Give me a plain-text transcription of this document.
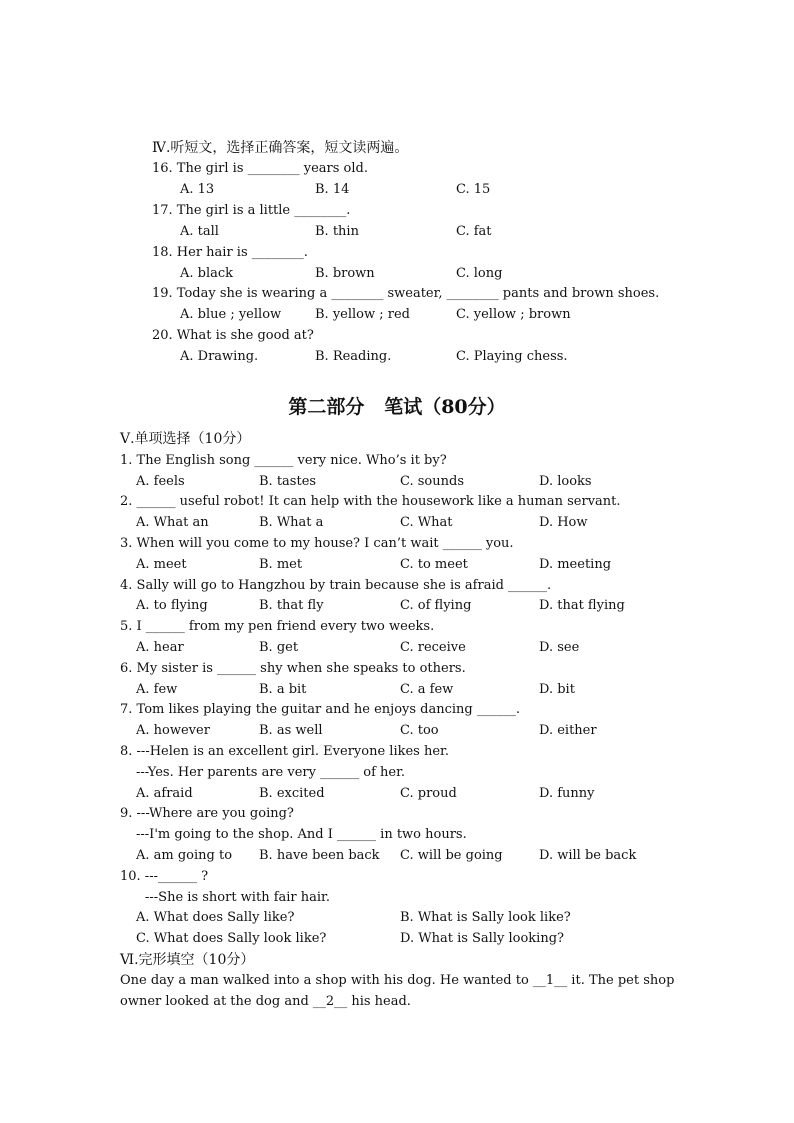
Ⅳ.听短文，选择正确答案，短文读两遍。
16. The girl is ________ years old.
A. 13	B. 14	C. 15
17. The girl is a little ________.
A. tall	B. thin	C. fat
18. Her hair is ________.
A. black	B. brown	C. long
19. Today she is wearing a ________ sweater, ________ pants and brown shoes.
A. blue ; yellow	B. yellow ; red	C. yellow ; brown
20. What is she good at?
A. Drawing.	B. Reading.	C. Playing chess.
第二部分   笔试（80分）
Ⅴ.单项选择（10分）
1. The English song ______ very nice. Who’s it by?
A. feels	B. tastes	C. sounds	D. looks
2. ______ useful robot! It can help with the housework like a human servant.
A. What an	B. What a	C. What	D. How
3. When will you come to my house? I can’t wait ______ you.
A. meet	B. met	C. to meet	D. meeting
4. Sally will go to Hangzhou by train because she is afraid ______.
A. to flying	B. that fly	C. of flying	D. that flying
5. I ______ from my pen friend every two weeks.
A. hear	B. get	C. receive	D. see
6. My sister is ______ shy when she speaks to others.
A. few	B. a bit	C. a few	D. bit
7. Tom likes playing the guitar and he enjoys dancing ______.
A. however	B. as well	C. too	D. either
8. ---Helen is an excellent girl. Everyone likes her.
---Yes. Her parents are very ______ of her.
A. afraid	B. excited	C. proud	D. funny
9. ---Where are you going?
---I'm going to the shop. And I ______ in two hours.
A. am going to B. have been back C. will be going	D. will be back
10. ---______ ?
---She is short with fair hair.
A. What does Sally like?	B. What is Sally look like?
C. What does Sally look like?	D. What is Sally looking?
Ⅵ.完形填空（10分）
One day a man walked into a shop with his dog. He wanted to __1__ it. The pet shop
owner looked at the dog and __2__ his head.
